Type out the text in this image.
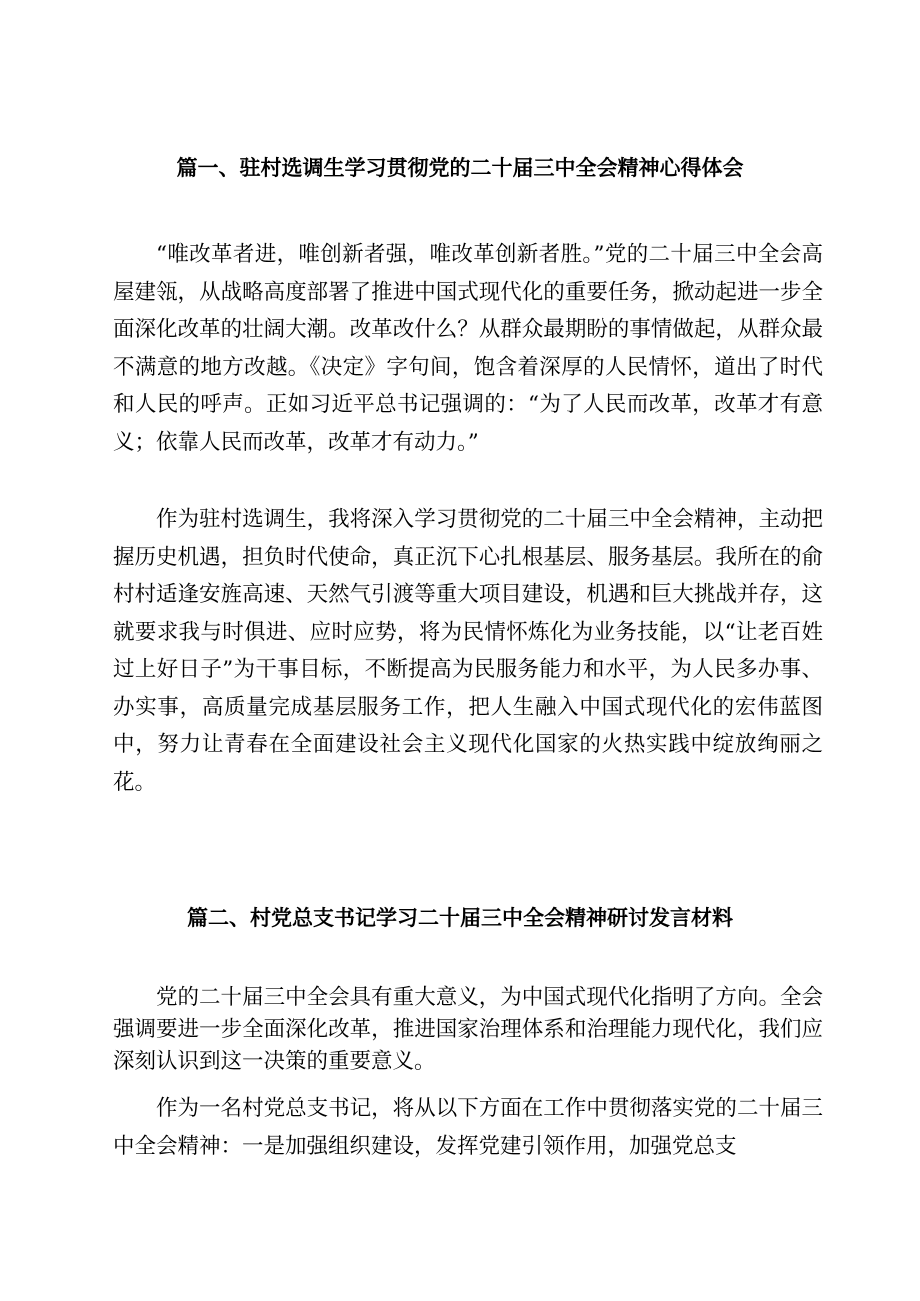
篇一、驻村选调生学习贯彻党的二十届三中全会精神心得体会

“唯改革者进，唯创新者强，唯改革创新者胜。”党的二十届三中全会高屋建瓴，从战略高度部署了推进中国式现代化的重要任务，掀动起进一步全面深化改革的壮阔大潮。改革改什么？从群众最期盼的事情做起，从群众最不满意的地方改越。《决定》字句间，饱含着深厚的人民情怀，道出了时代和人民的呼声。正如习近平总书记强调的：“为了人民而改革，改革才有意义；依靠人民而改革，改革才有动力。”

作为驻村选调生，我将深入学习贯彻党的二十届三中全会精神，主动把握历史机遇，担负时代使命，真正沉下心扎根基层、服务基层。我所在的俞村村适逢安旌高速、天然气引渡等重大项目建设，机遇和巨大挑战并存，这就要求我与时俱进、应时应势，将为民情怀炼化为业务技能，以“让老百姓过上好日子”为干事目标，不断提高为民服务能力和水平，为人民多办事、办实事，高质量完成基层服务工作，把人生融入中国式现代化的宏伟蓝图中，努力让青春在全面建设社会主义现代化国家的火热实践中绽放绚丽之花。

篇二、村党总支书记学习二十届三中全会精神研讨发言材料

党的二十届三中全会具有重大意义，为中国式现代化指明了方向。全会强调要进一步全面深化改革，推进国家治理体系和治理能力现代化，我们应深刻认识到这一决策的重要意义。

作为一名村党总支书记，将从以下方面在工作中贯彻落实党的二十届三中全会精神：一是加强组织建设，发挥党建引领作用，加强党总支
